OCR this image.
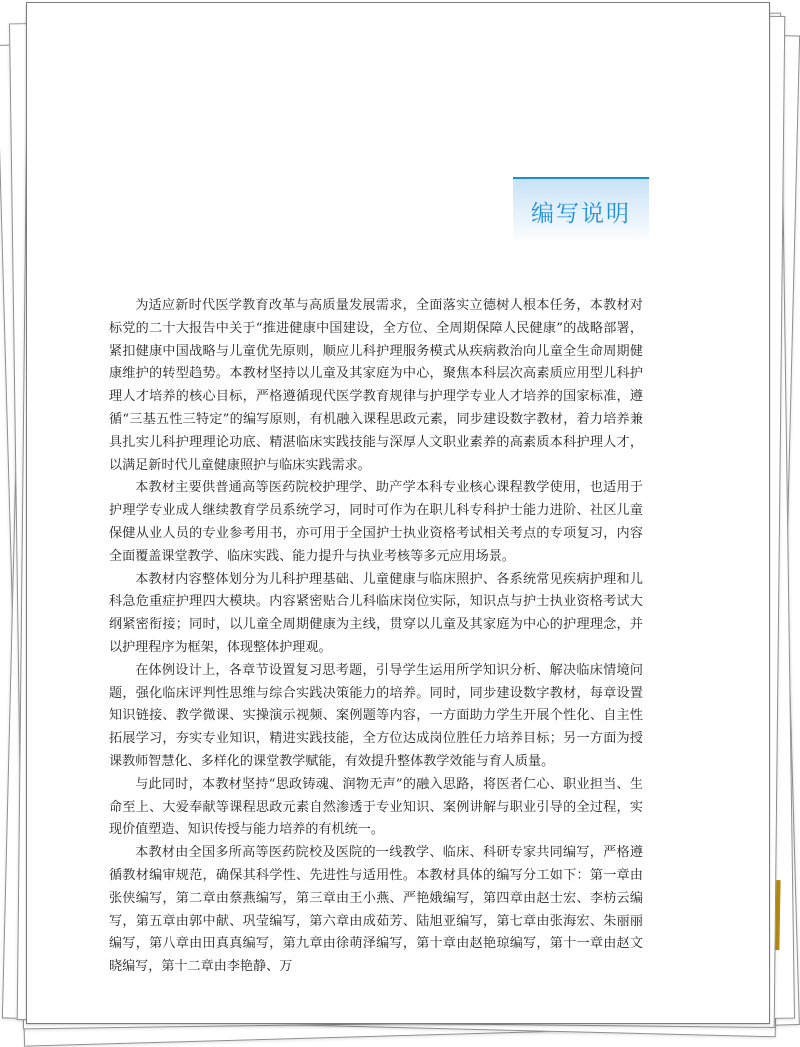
编写说明

为适应新时代医学教育改革与高质量发展需求，全面落实立德树人根本任务，本教材对标党的二十大报告中关于“推进健康中国建设，全方位、全周期保障人民健康”的战略部署，紧扣健康中国战略与儿童优先原则，顺应儿科护理服务模式从疾病救治向儿童全生命周期健康维护的转型趋势。本教材坚持以儿童及其家庭为中心，聚焦本科层次高素质应用型儿科护理人才培养的核心目标，严格遵循现代医学教育规律与护理学专业人才培养的国家标准，遵循“三基五性三特定”的编写原则，有机融入课程思政元素，同步建设数字教材，着力培养兼具扎实儿科护理理论功底、精湛临床实践技能与深厚人文职业素养的高素质本科护理人才，以满足新时代儿童健康照护与临床实践需求。

本教材主要供普通高等医药院校护理学、助产学本科专业核心课程教学使用，也适用于护理学专业成人继续教育学员系统学习，同时可作为在职儿科专科护士能力进阶、社区儿童保健从业人员的专业参考用书，亦可用于全国护士执业资格考试相关考点的专项复习，内容全面覆盖课堂教学、临床实践、能力提升与执业考核等多元应用场景。

本教材内容整体划分为儿科护理基础、儿童健康与临床照护、各系统常见疾病护理和儿科急危重症护理四大模块。内容紧密贴合儿科临床岗位实际，知识点与护士执业资格考试大纲紧密衔接；同时，以儿童全周期健康为主线，贯穿以儿童及其家庭为中心的护理理念，并以护理程序为框架，体现整体护理观。

在体例设计上，各章节设置复习思考题，引导学生运用所学知识分析、解决临床情境问题，强化临床评判性思维与综合实践决策能力的培养。同时，同步建设数字教材，每章设置知识链接、教学微课、实操演示视频、案例题等内容，一方面助力学生开展个性化、自主性拓展学习，夯实专业知识，精进实践技能，全方位达成岗位胜任力培养目标；另一方面为授课教师智慧化、多样化的课堂教学赋能，有效提升整体教学效能与育人质量。

与此同时，本教材坚持“思政铸魂、润物无声”的融入思路，将医者仁心、职业担当、生命至上、大爱奉献等课程思政元素自然渗透于专业知识、案例讲解与职业引导的全过程，实现价值塑造、知识传授与能力培养的有机统一。

本教材由全国多所高等医药院校及医院的一线教学、临床、科研专家共同编写，严格遵循教材编审规范，确保其科学性、先进性与适用性。本教材具体的编写分工如下：第一章由张侠编写，第二章由蔡燕编写，第三章由王小燕、严艳娥编写，第四章由赵士宏、李枋云编写，第五章由郭中献、巩莹编写，第六章由成茹芳、陆旭亚编写，第七章由张海宏、朱丽丽编写，第八章由田真真编写，第九章由徐萌泽编写，第十章由赵艳琼编写，第十一章由赵文晓编写，第十二章由李艳静、万
